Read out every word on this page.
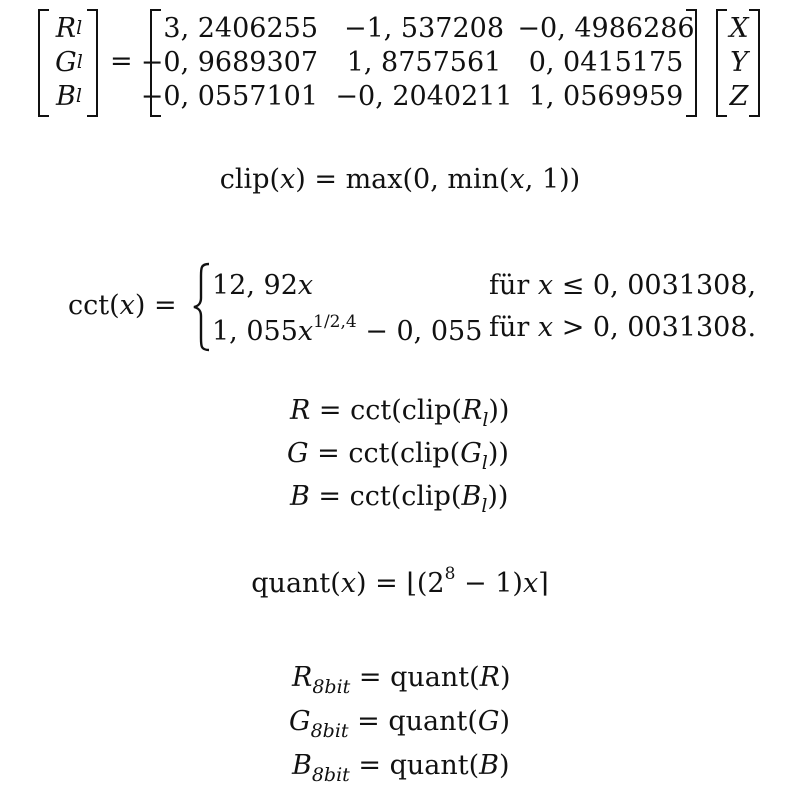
R l
G l
B l
=
3, 2406255
−0, 9689307
−0, 0557101
−1, 537208
1, 8757561
−0, 2040211
−0, 4986286
0, 0415175
1, 0569959
X
Y
Z
clip(x) = max(0, min(x, 1))
cct(x) =
12, 92x	für x ≤ 0, 0031308,
1, $055x^{1/2,4} - 0$, 055 für x > 0, 0031308.
$R = cct(clip(R_l))$
$G = cct(clip(G_l))$
$B = cct(clip(B_l))$
quant(x) = $⌊(2^8$ − 1)x⌉
$R_{8bit}$ = quant(R)
$G_{8bit}$ = quant(G)
$B_{8bit}$ = quant(B)
